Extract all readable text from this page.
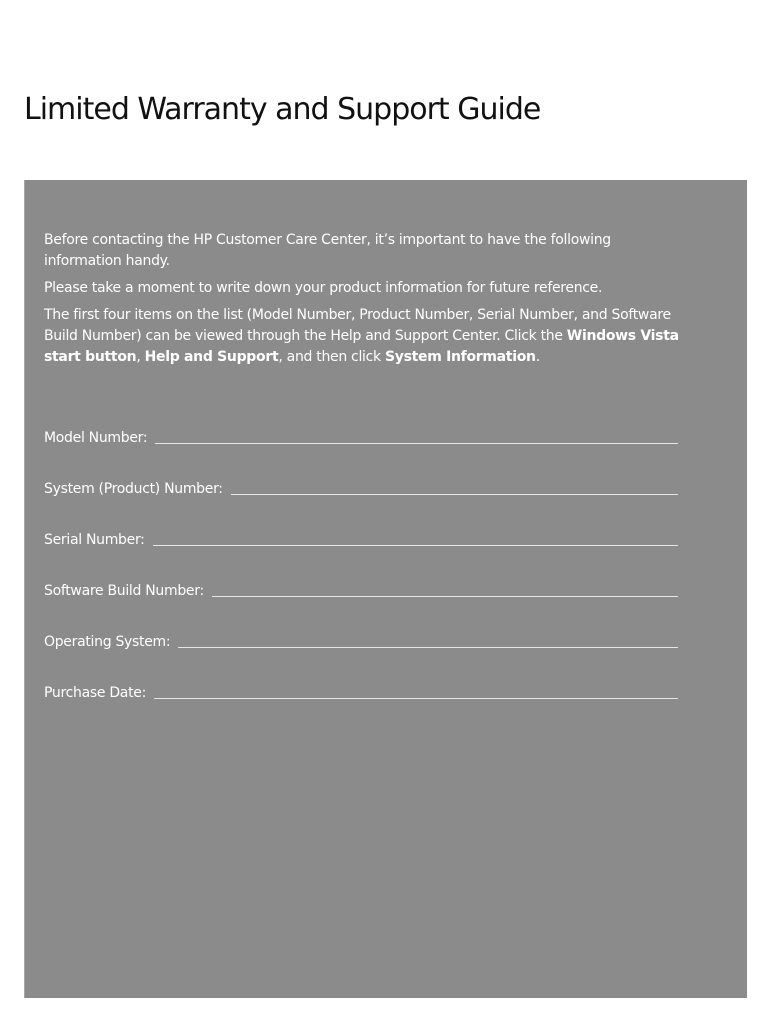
Limited Warranty and Support Guide

Before contacting the HP Customer Care Center, it’s important to have the following information handy.

Please take a moment to write down your product information for future reference.

The first four items on the list (Model Number, Product Number, Serial Number, and Software Build Number) can be viewed through the Help and Support Center. Click the Windows Vista start button, Help and Support, and then click System Information.

Model Number:
System (Product) Number:
Serial Number:
Software Build Number:
Operating System:
Purchase Date:
